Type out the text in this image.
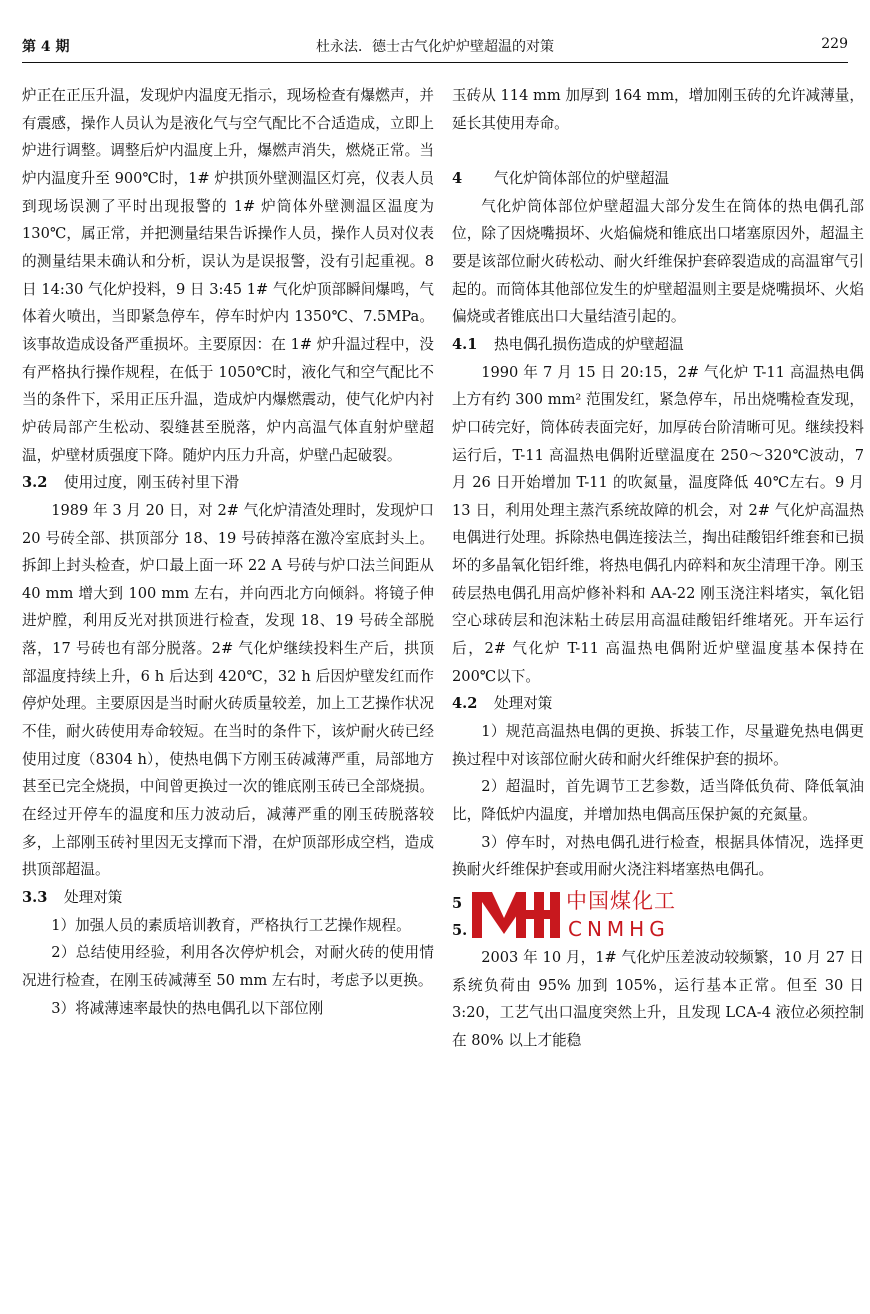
第 4 期	杜永法．德士古气化炉炉壁超温的对策	229

炉正在正压升温，发现炉内温度无指示，现场检查有爆燃声，并有震感，操作人员认为是液化气与空气配比不合适造成，立即上炉进行调整。调整后炉内温度上升，爆燃声消失，燃烧正常。当炉内温度升至 900℃时，1# 炉拱顶外壁测温区灯亮，仪表人员到现场误测了平时出现报警的 1# 炉筒体外壁测温区温度为 130℃，属正常，并把测量结果告诉操作人员，操作人员对仪表的测量结果未确认和分析，误认为是误报警，没有引起重视。8 日 14:30 气化炉投料，9 日 3:45 1# 气化炉顶部瞬间爆鸣，气体着火喷出，当即紧急停车，停车时炉内 1350℃、7.5MPa。该事故造成设备严重损坏。主要原因：在 1# 炉升温过程中，没有严格执行操作规程，在低于 1050℃时，液化气和空气配比不当的条件下，采用正压升温，造成炉内爆燃震动，使气化炉内衬炉砖局部产生松动、裂缝甚至脱落，炉内高温气体直射炉壁超温，炉壁材质强度下降。随炉内压力升高，炉壁凸起破裂。

3.2 使用过度，刚玉砖衬里下滑

1989 年 3 月 20 日，对 2# 气化炉清渣处理时，发现炉口 20 号砖全部、拱顶部分 18、19 号砖掉落在激冷室底封头上。拆卸上封头检查，炉口最上面一环 22 A 号砖与炉口法兰间距从 40 mm 增大到 100 mm 左右，并向西北方向倾斜。将镜子伸进炉膛，利用反光对拱顶进行检查，发现 18、19 号砖全部脱落，17 号砖也有部分脱落。2# 气化炉继续投料生产后，拱顶部温度持续上升，6 h 后达到 420℃，32 h 后因炉壁发红而作停炉处理。主要原因是当时耐火砖质量较差，加上工艺操作状况不佳，耐火砖使用寿命较短。在当时的条件下，该炉耐火砖已经使用过度（8304 h），使热电偶下方刚玉砖减薄严重，局部地方甚至已完全烧损，中间曾更换过一次的锥底刚玉砖已全部烧损。在经过开停车的温度和压力波动后，减薄严重的刚玉砖脱落较多，上部刚玉砖衬里因无支撑而下滑，在炉顶部形成空档，造成拱顶部超温。

3.3 处理对策

1）加强人员的素质培训教育，严格执行工艺操作规程。

2）总结使用经验，利用各次停炉机会，对耐火砖的使用情况进行检查，在刚玉砖减薄至 50 mm 左右时，考虑予以更换。

3）将减薄速率最快的热电偶孔以下部位刚

玉砖从 114 mm 加厚到 164 mm，增加刚玉砖的允许减薄量，延长其使用寿命。

4 气化炉筒体部位的炉壁超温

气化炉筒体部位炉壁超温大部分发生在筒体的热电偶孔部位，除了因烧嘴损坏、火焰偏烧和锥底出口堵塞原因外，超温主要是该部位耐火砖松动、耐火纤维保护套碎裂造成的高温窜气引起的。而筒体其他部位发生的炉壁超温则主要是烧嘴损坏、火焰偏烧或者锥底出口大量结渣引起的。

4.1 热电偶孔损伤造成的炉壁超温

1990 年 7 月 15 日 20:15，2# 气化炉 T-11 高温热电偶上方有约 300 mm² 范围发红，紧急停车，吊出烧嘴检查发现，炉口砖完好，筒体砖表面完好，加厚砖台阶清晰可见。继续投料运行后，T-11 高温热电偶附近壁温度在 250～320℃波动，7 月 26 日开始增加 T-11 的吹氮量，温度降低 40℃左右。9 月 13 日，利用处理主蒸汽系统故障的机会，对 2# 气化炉高温热电偶进行处理。拆除热电偶连接法兰，掏出硅酸铝纤维套和已损坏的多晶氧化铝纤维，将热电偶孔内碎料和灰尘清理干净。刚玉砖层热电偶孔用高炉修补料和 AA-22 刚玉浇注料堵实，氧化铝空心球砖层和泡沫粘土砖层用高温硅酸铝纤维堵死。开车运行后，2# 气化炉 T-11 高温热电偶附近炉壁温度基本保持在 200℃以下。

4.2 处理对策

1）规范高温热电偶的更换、拆装工作，尽量避免热电偶更换过程中对该部位耐火砖和耐火纤维保护套的损坏。

2）超温时，首先调节工艺参数，适当降低负荷、降低氧油比，降低炉内温度，并增加热电偶高压保护氮的充氮量。

3）停车时，对热电偶孔进行检查，根据具体情况，选择更换耐火纤维保护套或用耐火浇注料堵塞热电偶孔。

5
5.
中国煤化工
CNMHG

2003 年 10 月，1# 气化炉压差波动较频繁，10 月 27 日系统负荷由 95% 加到 105%，运行基本正常。但至 30 日 3:20，工艺气出口温度突然上升，且发现 LCA-4 液位必须控制在 80% 以上才能稳
